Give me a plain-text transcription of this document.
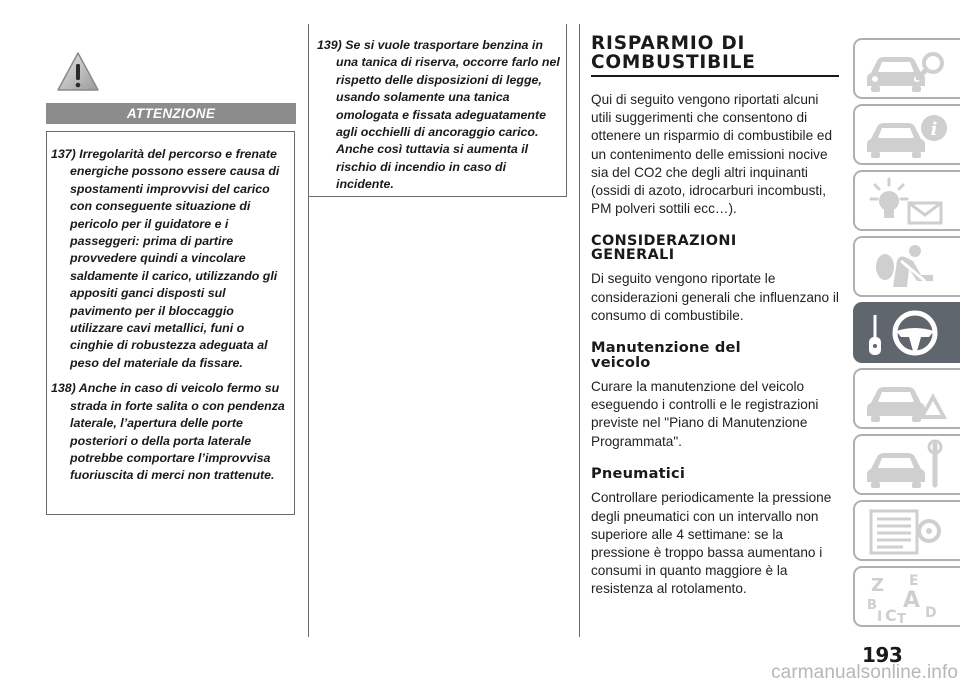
ATTENZIONE

137) Irregolarità del percorso e frenate energiche possono essere causa di spostamenti improvvisi del carico con conseguente situazione di pericolo per il guidatore e i passeggeri: prima di partire provvedere quindi a vincolare saldamente il carico, utilizzando gli appositi ganci disposti sul pavimento per il bloccaggio utilizzare cavi metallici, funi o cinghie di robustezza adeguata al peso del materiale da fissare.

138) Anche in caso di veicolo fermo su strada in forte salita o con pendenza laterale, l’apertura delle porte posteriori o della porta laterale potrebbe comportare l’improvvisa fuoriuscita di merci non trattenute.

139) Se si vuole trasportare benzina in una tanica di riserva, occorre farlo nel rispetto delle disposizioni di legge, usando solamente una tanica omologata e fissata adeguatamente agli occhielli di ancoraggio carico. Anche così tuttavia si aumenta il rischio di incendio in caso di incidente.

RISPARMIO DI
COMBUSTIBILE

Qui di seguito vengono riportati alcuni utili suggerimenti che consentono di ottenere un risparmio di combustibile ed un contenimento delle emissioni nocive sia del CO2 che degli altri inquinanti (ossidi di azoto, idrocarburi incombusti, PM polveri sottili ecc…).

CONSIDERAZIONI
GENERALI

Di seguito vengono riportate le considerazioni generali che influenzano il consumo di combustibile.

Manutenzione del
veicolo

Curare la manutenzione del veicolo eseguendo i controlli e le registrazioni previste nel "Piano di Manutenzione Programmata".

Pneumatici

Controllare periodicamente la pressione degli pneumatici con un intervallo non superiore alle 4 settimane: se la pressione è troppo bassa aumentano i consumi in quanto maggiore è la resistenza al rotolamento.

i
Z E
B A
I C T D
193
carmanualsonline.info
